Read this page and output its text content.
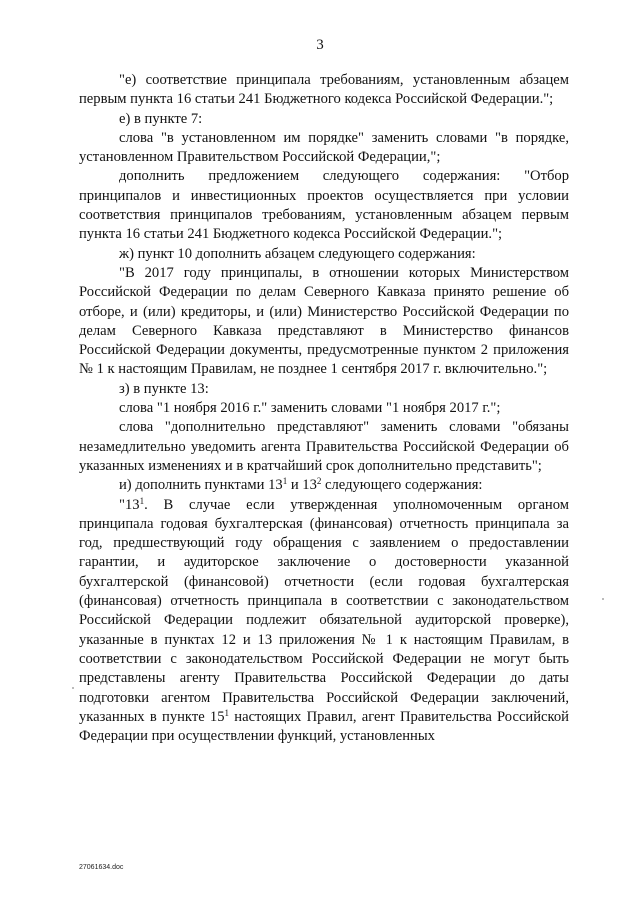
3

"е) соответствие принципала требованиям, установленным абзацем первым пункта 16 статьи 241 Бюджетного кодекса Российской Федерации.";

е) в пункте 7:

слова "в установленном им порядке" заменить словами "в порядке, установленном Правительством Российской Федерации,";

дополнить предложением следующего содержания: "Отбор принципалов и инвестиционных проектов осуществляется при условии соответствия принципалов требованиям, установленным абзацем первым пункта 16 статьи 241 Бюджетного кодекса Российской Федерации.";

ж) пункт 10 дополнить абзацем следующего содержания:

"В 2017 году принципалы, в отношении которых Министерством Российской Федерации по делам Северного Кавказа принято решение об отборе, и (или) кредиторы, и (или) Министерство Российской Федерации по делам Северного Кавказа представляют в Министерство финансов Российской Федерации документы, предусмотренные пунктом 2 приложения № 1 к настоящим Правилам, не позднее 1 сентября 2017 г. включительно.";

з) в пункте 13:

слова "1 ноября 2016 г." заменить словами "1 ноября 2017 г.";

слова "дополнительно представляют" заменить словами "обязаны незамедлительно уведомить агента Правительства Российской Федерации об указанных изменениях и в кратчайший срок дополнительно представить";

и) дополнить пунктами $13^1$ и $13^2$ следующего содержания:

"$13^1$. В случае если утвержденная уполномоченным органом принципала годовая бухгалтерская (финансовая) отчетность принципала за год, предшествующий году обращения с заявлением о предоставлении гарантии, и аудиторское заключение о достоверности указанной бухгалтерской (финансовой) отчетности (если годовая бухгалтерская (финансовая) отчетность принципала в соответствии с законодательством Российской Федерации подлежит обязательной аудиторской проверке), указанные в пунктах 12 и 13 приложения № 1 к настоящим Правилам, в соответствии с законодательством Российской Федерации не могут быть представлены агенту Правительства Российской Федерации до даты подготовки агентом Правительства Российской Федерации заключений, указанных в пункте $15^1$ настоящих Правил, агент Правительства Российской Федерации при осуществлении функций, установленных

27061634.doc
